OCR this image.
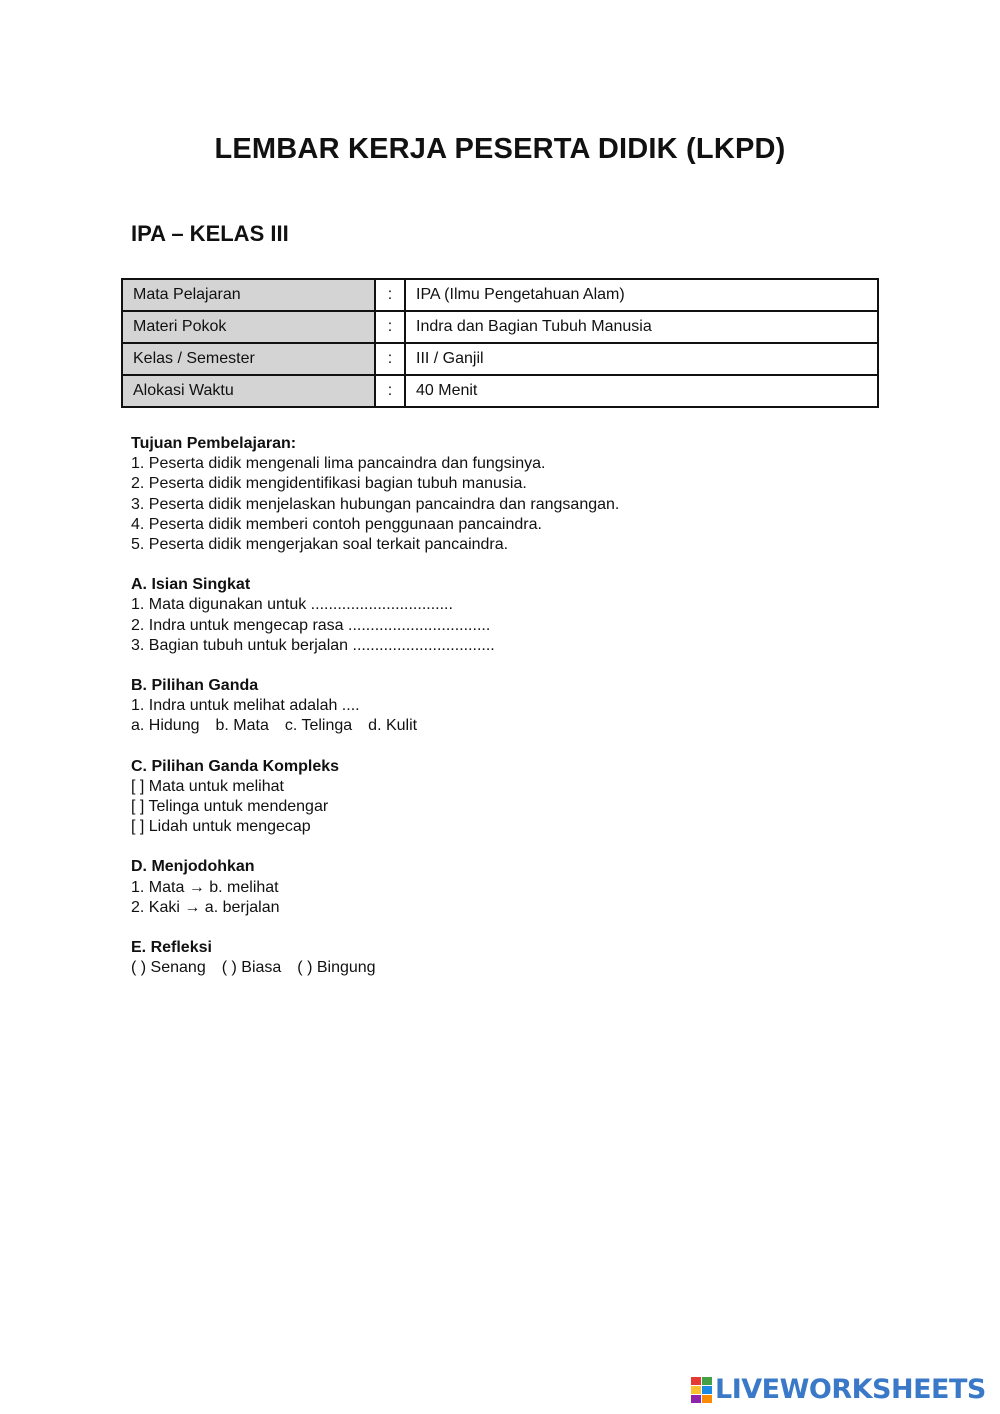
LEMBAR KERJA PESERTA DIDIK (LKPD)
IPA – KELAS III
Mata Pelajaran	:	IPA (Ilmu Pengetahuan Alam)
Materi Pokok	:	Indra dan Bagian Tubuh Manusia
Kelas / Semester	:	III / Ganjil
Alokasi Waktu	:	40 Menit
Tujuan Pembelajaran:
1. Peserta didik mengenali lima pancaindra dan fungsinya.
2. Peserta didik mengidentifikasi bagian tubuh manusia.
3. Peserta didik menjelaskan hubungan pancaindra dan rangsangan.
4. Peserta didik memberi contoh penggunaan pancaindra.
5. Peserta didik mengerjakan soal terkait pancaindra.
A. Isian Singkat
1. Mata digunakan untuk ................................
2. Indra untuk mengecap rasa ................................
3. Bagian tubuh untuk berjalan ................................
B. Pilihan Ganda
1. Indra untuk melihat adalah ....
a. Hidung b. Mata c. Telinga d. Kulit
C. Pilihan Ganda Kompleks
[ ] Mata untuk melihat
[ ] Telinga untuk mendengar
[ ] Lidah untuk mengecap
D. Menjodohkan
1. Mata → b. melihat
2. Kaki → a. berjalan
E. Refleksi
( ) Senang ( ) Biasa ( ) Bingung
LIVEWORKSHEETS
